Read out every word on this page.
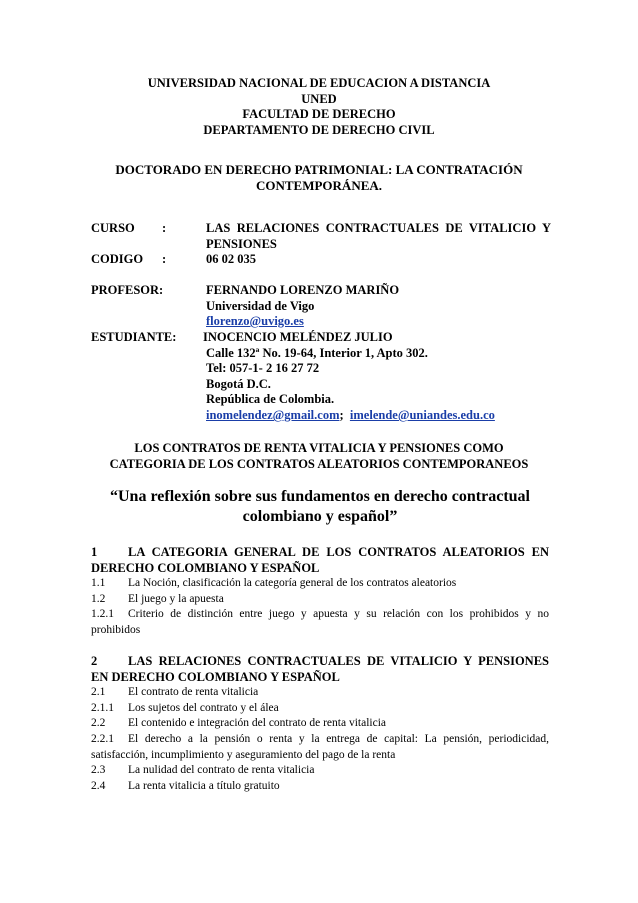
UNIVERSIDAD NACIONAL DE EDUCACION A DISTANCIA
UNED
FACULTAD DE DERECHO
DEPARTAMENTO DE DERECHO CIVIL
DOCTORADO EN DERECHO PATRIMONIAL: LA CONTRATACIÓN
CONTEMPORÁNEA.
CURSO :	LAS RELACIONES CONTRACTUALES DE VITALICIO Y PENSIONES
CODIGO :	06 02 035
PROFESOR:	FERNANDO LORENZO MARIÑO
Universidad de Vigo
florenzo@uvigo.es
ESTUDIANTE: INOCENCIO MELÉNDEZ JULIO
Calle 132ª No. 19-64, Interior 1, Apto 302.
Tel: 057-1- 2 16 27 72
Bogotá D.C.
República de Colombia.
inomelendez@gmail.com; imelende@uniandes.edu.co
LOS CONTRATOS DE RENTA VITALICIA Y PENSIONES COMO
CATEGORIA DE LOS CONTRATOS ALEATORIOS CONTEMPORANEOS
“Una reflexión sobre sus fundamentos en derecho contractual
colombiano y español”
1 LA CATEGORIA GENERAL DE LOS CONTRATOS ALEATORIOS EN DERECHO COLOMBIANO Y ESPAÑOL
1.1 La Noción, clasificación la categoría general de los contratos aleatorios
1.2 El juego y la apuesta
1.2.1 Criterio de distinción entre juego y apuesta y su relación con los prohibidos y no prohibidos
2 LAS RELACIONES CONTRACTUALES DE VITALICIO Y PENSIONES EN DERECHO COLOMBIANO Y ESPAÑOL
2.1 El contrato de renta vitalicia
2.1.1 Los sujetos del contrato y el álea
2.2 El contenido e integración del contrato de renta vitalicia
2.2.1 El derecho a la pensión o renta y la entrega de capital: La pensión, periodicidad, satisfacción, incumplimiento y aseguramiento del pago de la renta
2.3 La nulidad del contrato de renta vitalicia
2.4 La renta vitalicia a título gratuito
